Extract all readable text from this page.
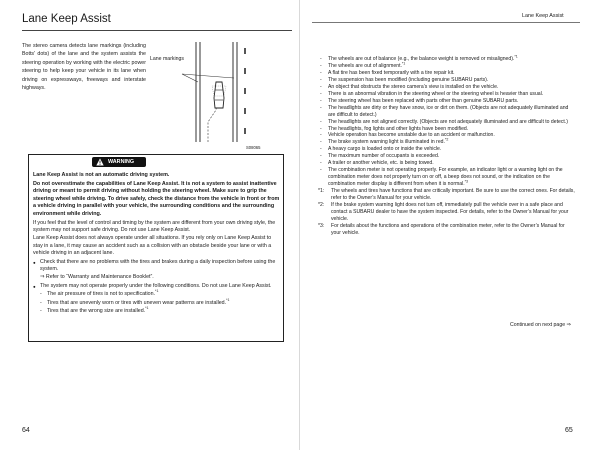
Lane Keep Assist
The stereo camera detects lane markings (including Botts' dots) of the lane and the system assists the steering operation by working with the electric power steering to help keep your vehicle in its lane when driving on expressways, freeways and interstate highways.
Lane markings
S08065
WARNING

Lane Keep Assist is not an automatic driving system.

Do not overestimate the capabilities of Lane Keep Assist. It is not a system to assist inattentive driving or meant to permit driving without holding the steering wheel. Make sure to grip the steering wheel while driving. To drive safely, check the distance from the vehicle in front or from a vehicle driving in parallel with your vehicle, the surrounding conditions and the surrounding environment while driving.

If you feel that the level of control and timing by the system are different from your own driving style, the system may not support safe driving. Do not use Lane Keep Assist.

Lane Keep Assist does not always operate under all situations. If you rely only on Lane Keep Assist to stay in a lane, it may cause an accident such as a collision with an obstacle beside your lane or with a vehicle driving in an adjacent lane.

● Check that there are no problems with the tires and brakes during a daily inspection before using the system.

⇒ Refer to “Warranty and Maintenance Booklet”.

● The system may not operate properly under the following conditions. Do not use Lane Keep Assist.

- The air pressure of tires is not to specification.$^{*1}$

- Tires that are unevenly worn or tires with uneven wear patterns are installed.$^{*1}$

- Tires that are the wrong size are installed.$^{*1}$

64
Lane Keep Assist

- The wheels are out of balance (e.g., the balance weight is removed or misaligned).$^{*1}$

- The wheels are out of alignment.$^{*1}$

- A flat tire has been fixed temporarily with a tire repair kit.

- The suspension has been modified (including genuine SUBARU parts).

- An object that obstructs the stereo camera’s view is installed on the vehicle.

- There is an abnormal vibration in the steering wheel or the steering wheel is heavier than usual.

- The steering wheel has been replaced with parts other than genuine SUBARU parts.

- The headlights are dirty or they have snow, ice or dirt on them. (Objects are not adequately illuminated and are difficult to detect.)

- The headlights are not aligned correctly. (Objects are not adequately illuminated and are difficult to detect.)

- The headlights, fog lights and other lights have been modified.

- Vehicle operation has become unstable due to an accident or malfunction.

- The brake system warning light is illuminated in red.$^{*2}$

- A heavy cargo is loaded onto or inside the vehicle.

- The maximum number of occupants is exceeded.

- A trailer or another vehicle, etc. is being towed.

- The combination meter is not operating properly. For example, an indicator light or a warning light on the combination meter does not properly turn on or off, a beep does not sound, or the indication on the combination meter display is different from when it is normal.$^{*3}$

*1: The wheels and tires have functions that are critically important. Be sure to use the correct ones. For details, refer to the Owner’s Manual for your vehicle.

*2: If the brake system warning light does not turn off, immediately pull the vehicle over in a safe place and contact a SUBARU dealer to have the system inspected. For details, refer to the Owner’s Manual for your vehicle.

*3: For details about the functions and operations of the combination meter, refer to the Owner’s Manual for your vehicle.

Continued on next page ⇒
65
